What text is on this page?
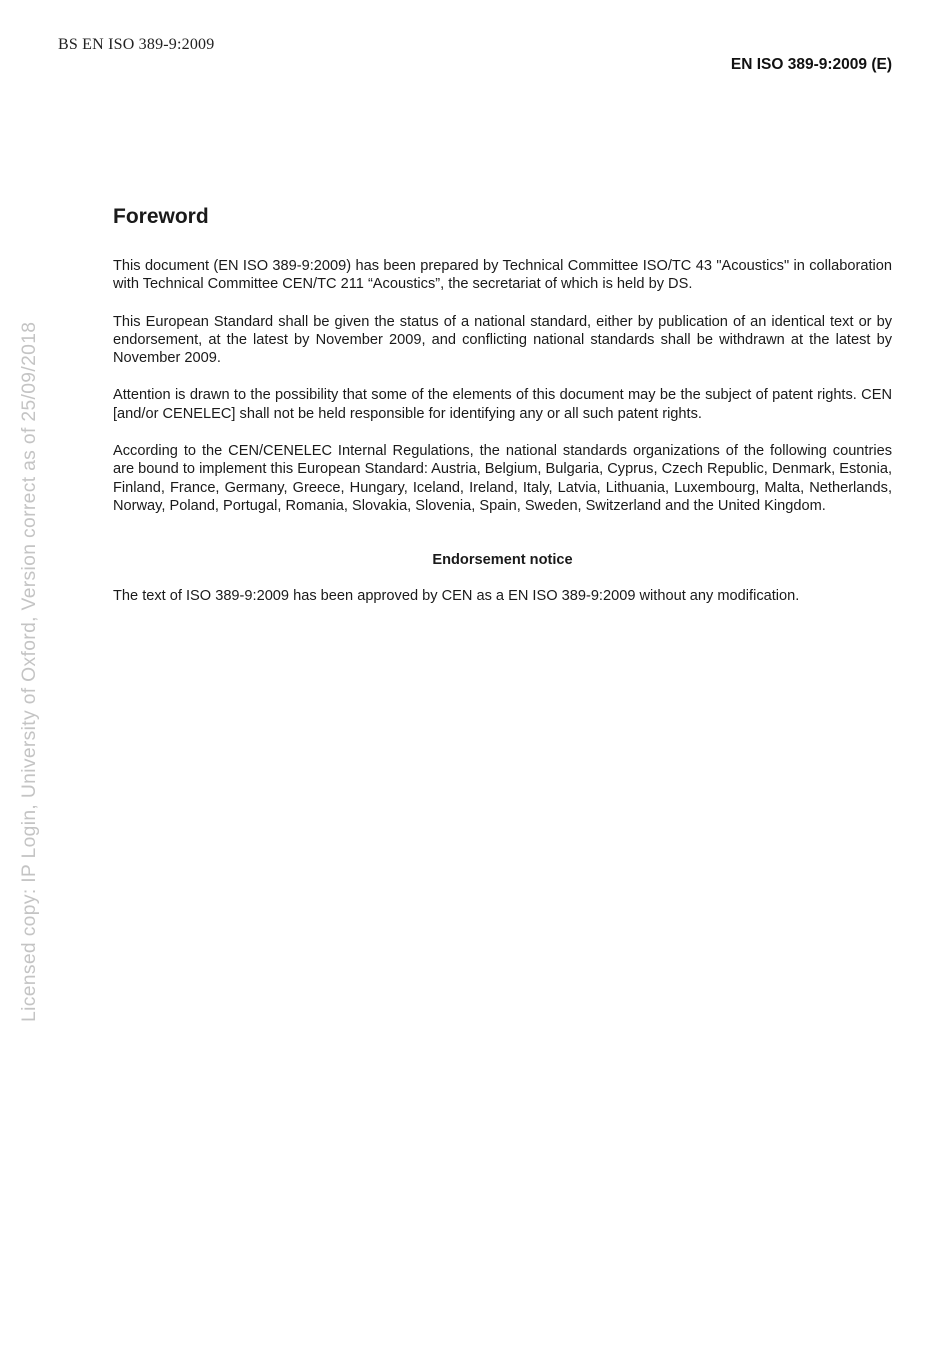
BS EN ISO 389-9:2009
EN ISO 389-9:2009 (E)
Licensed copy: IP Login, University of Oxford, Version correct as of 25/09/2018
Foreword

This document (EN ISO 389-9:2009) has been prepared by Technical Committee ISO/TC 43 "Acoustics" in collaboration with Technical Committee CEN/TC 211 “Acoustics”, the secretariat of which is held by DS.

This European Standard shall be given the status of a national standard, either by publication of an identical text or by endorsement, at the latest by November 2009, and conflicting national standards shall be withdrawn at the latest by November 2009.

Attention is drawn to the possibility that some of the elements of this document may be the subject of patent rights. CEN [and/or CENELEC] shall not be held responsible for identifying any or all such patent rights.

According to the CEN/CENELEC Internal Regulations, the national standards organizations of the following countries are bound to implement this European Standard: Austria, Belgium, Bulgaria, Cyprus, Czech Republic, Denmark, Estonia, Finland, France, Germany, Greece, Hungary, Iceland, Ireland, Italy, Latvia, Lithuania, Luxembourg, Malta, Netherlands, Norway, Poland, Portugal, Romania, Slovakia, Slovenia, Spain, Sweden, Switzerland and the United Kingdom.

Endorsement notice

The text of ISO 389-9:2009 has been approved by CEN as a EN ISO 389-9:2009 without any modification.
